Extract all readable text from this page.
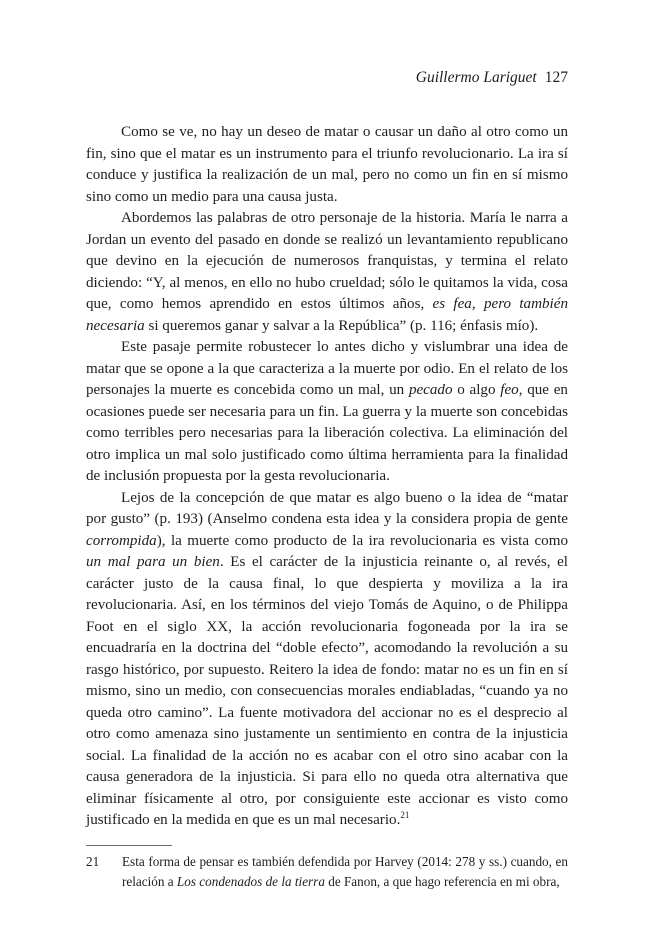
Guillermo Lariguet 127

Como se ve, no hay un deseo de matar o causar un daño al otro como un fin, sino que el matar es un instrumento para el triunfo revolucionario. La ira sí conduce y justifica la realización de un mal, pero no como un fin en sí mismo sino como un medio para una causa justa.

Abordemos las palabras de otro personaje de la historia. María le narra a Jordan un evento del pasado en donde se realizó un levantamiento republicano que devino en la ejecución de numerosos franquistas, y termina el relato diciendo: “Y, al menos, en ello no hubo crueldad; sólo le quitamos la vida, cosa que, como hemos aprendido en estos últimos años, es fea, pero también necesaria si queremos ganar y salvar a la República” (p. 116; énfasis mío).

Este pasaje permite robustecer lo antes dicho y vislumbrar una idea de matar que se opone a la que caracteriza a la muerte por odio. En el relato de los personajes la muerte es concebida como un mal, un pecado o algo feo, que en ocasiones puede ser necesaria para un fin. La guerra y la muerte son concebidas como terribles pero necesarias para la liberación colectiva. La eliminación del otro implica un mal solo justificado como última herramienta para la finalidad de inclusión propuesta por la gesta revolucionaria.

Lejos de la concepción de que matar es algo bueno o la idea de “matar por gusto” (p. 193) (Anselmo condena esta idea y la considera propia de gente corrompida), la muerte como producto de la ira revolucionaria es vista como un mal para un bien. Es el carácter de la injusticia reinante o, al revés, el carácter justo de la causa final, lo que despierta y moviliza a la ira revolucionaria. Así, en los términos del viejo Tomás de Aquino, o de Philippa Foot en el siglo XX, la acción revolucionaria fogoneada por la ira se encuadraría en la doctrina del “doble efecto”, acomodando la revolución a su rasgo histórico, por supuesto. Reitero la idea de fondo: matar no es un fin en sí mismo, sino un medio, con consecuencias morales endiabladas, “cuando ya no queda otro camino”. La fuente motivadora del accionar no es el desprecio al otro como amenaza sino justamente un sentimiento en contra de la injusticia social. La finalidad de la acción no es acabar con el otro sino acabar con la causa generadora de la injusticia. Si para ello no queda otra alternativa que eliminar físicamente al otro, por consiguiente este accionar es visto como justificado en la medida en que es un mal necesario.$^{21}$

21 Esta forma de pensar es también defendida por Harvey (2014: 278 y ss.) cuando, en relación a Los condenados de la tierra de Fanon, a que hago referencia en mi obra,
